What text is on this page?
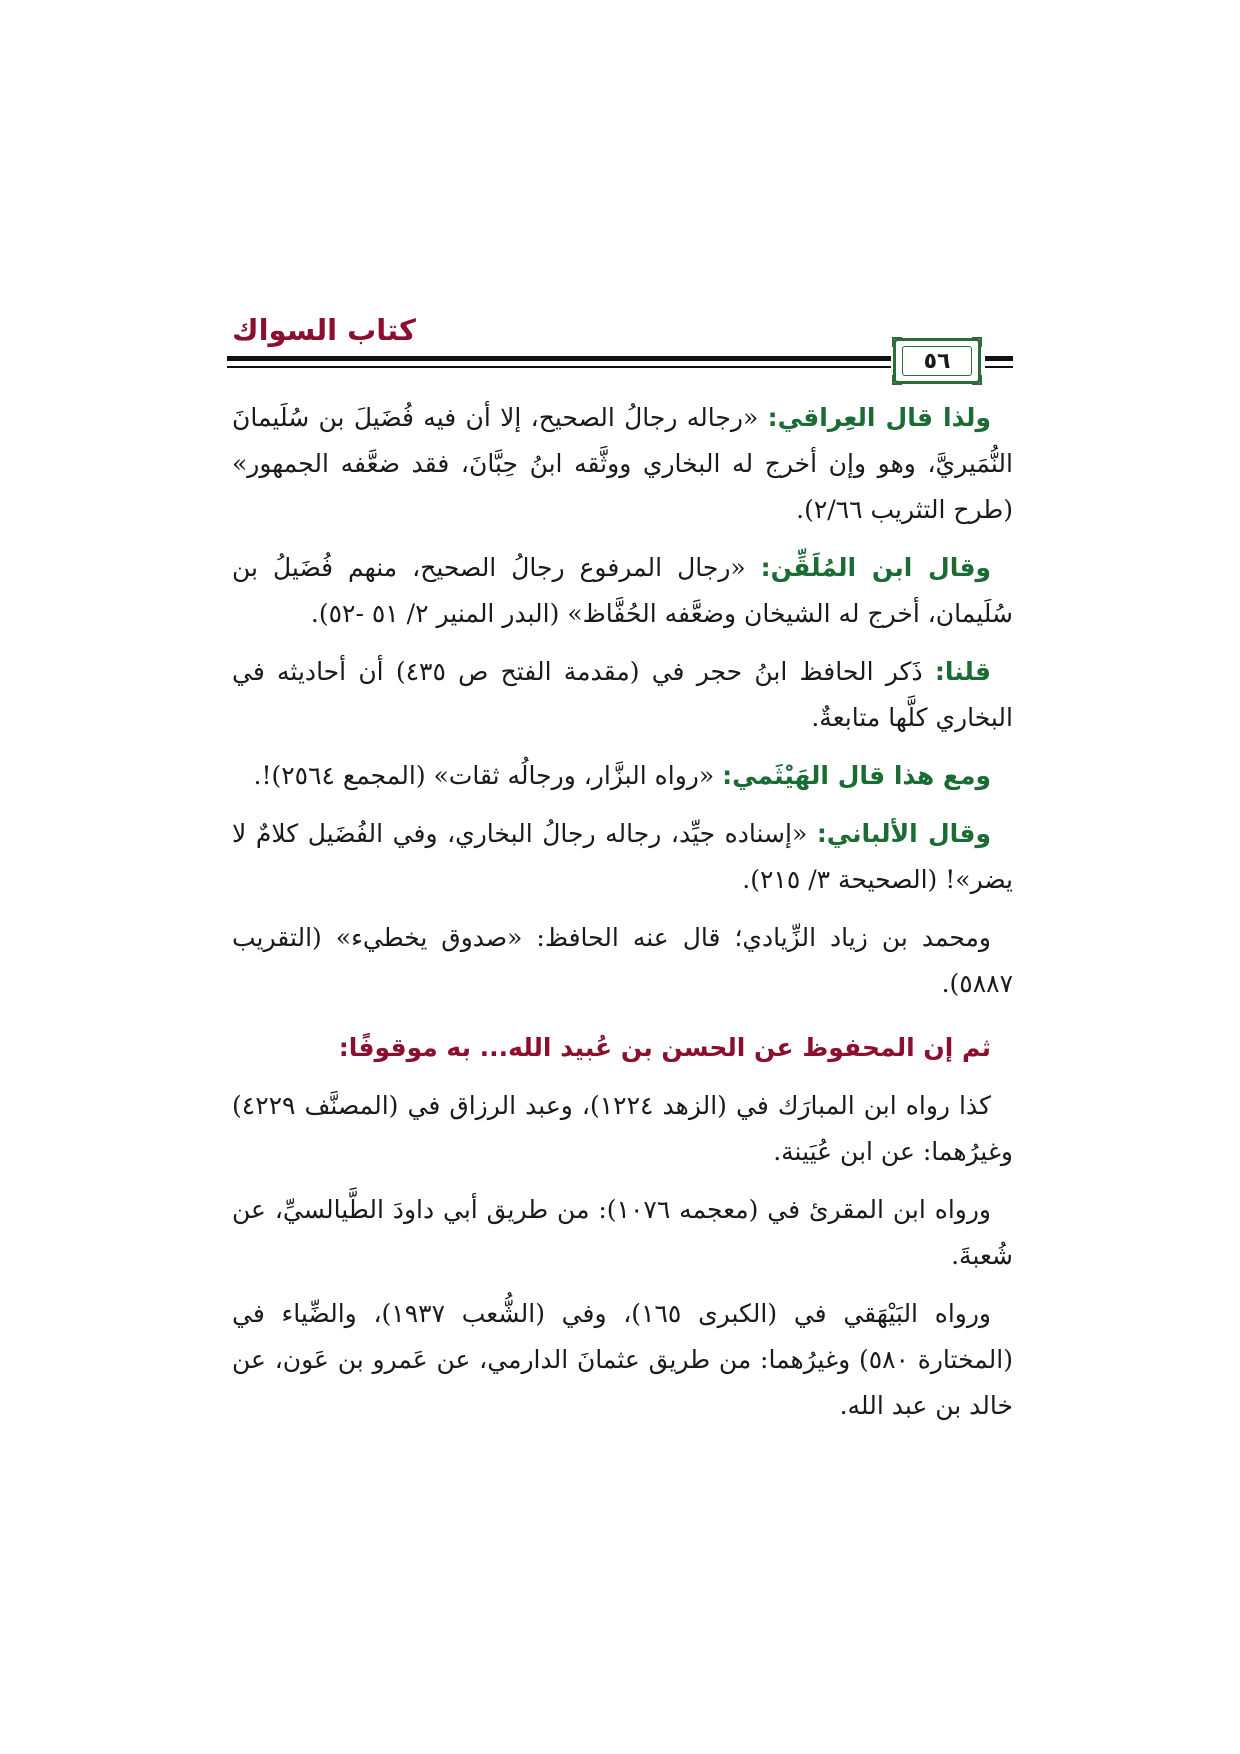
كتاب السواك
٥٦

ولذا قال العِراقي: «رجاله رجالُ الصحيح، إلا أن فيه فُضَيلَ بن سُلَيمانَ النُّمَيريَّ، وهو وإن أخرج له البخاري ووثَّقه ابنُ حِبَّانَ، فقد ضعَّفه الجمهور» (طرح التثريب ٢/٦٦).

وقال ابن المُلَقِّن: «رجال المرفوع رجالُ الصحيح، منهم فُضَيلُ بن سُلَيمان، أخرج له الشيخان وضعَّفه الحُفَّاظ» (البدر المنير ٢/ ٥١ -٥٢).

قلنا: ذَكر الحافظ ابنُ حجر في (مقدمة الفتح ص ٤٣٥) أن أحاديثه في البخاري كلَّها متابعةٌ.

ومع هذا قال الهَيْثَمي: «رواه البزَّار، ورجالُه ثقات» (المجمع ٢٥٦٤)!.

وقال الألباني: «إسناده جيِّد، رجاله رجالُ البخاري، وفي الفُضَيل كلامٌ لا يضر»! (الصحيحة ٣/ ٢١٥).

ومحمد بن زياد الزِّيادي؛ قال عنه الحافظ: «صدوق يخطيء» (التقريب ٥٨٨٧).

ثم إن المحفوظ عن الحسن بن عُبيد الله... به موقوفًا:

كذا رواه ابن المبارَك في (الزهد ١٢٢٤)، وعبد الرزاق في (المصنَّف ٤٢٢٩) وغيرُهما: عن ابن عُيَينة.

ورواه ابن المقرئ في (معجمه ١٠٧٦): من طريق أبي داودَ الطَّيالسيِّ، عن شُعبةَ.

ورواه البَيْهَقي في (الكبرى ١٦٥)، وفي (الشُّعب ١٩٣٧)، والضِّياء في (المختارة ٥٨٠) وغيرُهما: من طريق عثمانَ الدارمي، عن عَمرو بن عَون، عن خالد بن عبد الله.
